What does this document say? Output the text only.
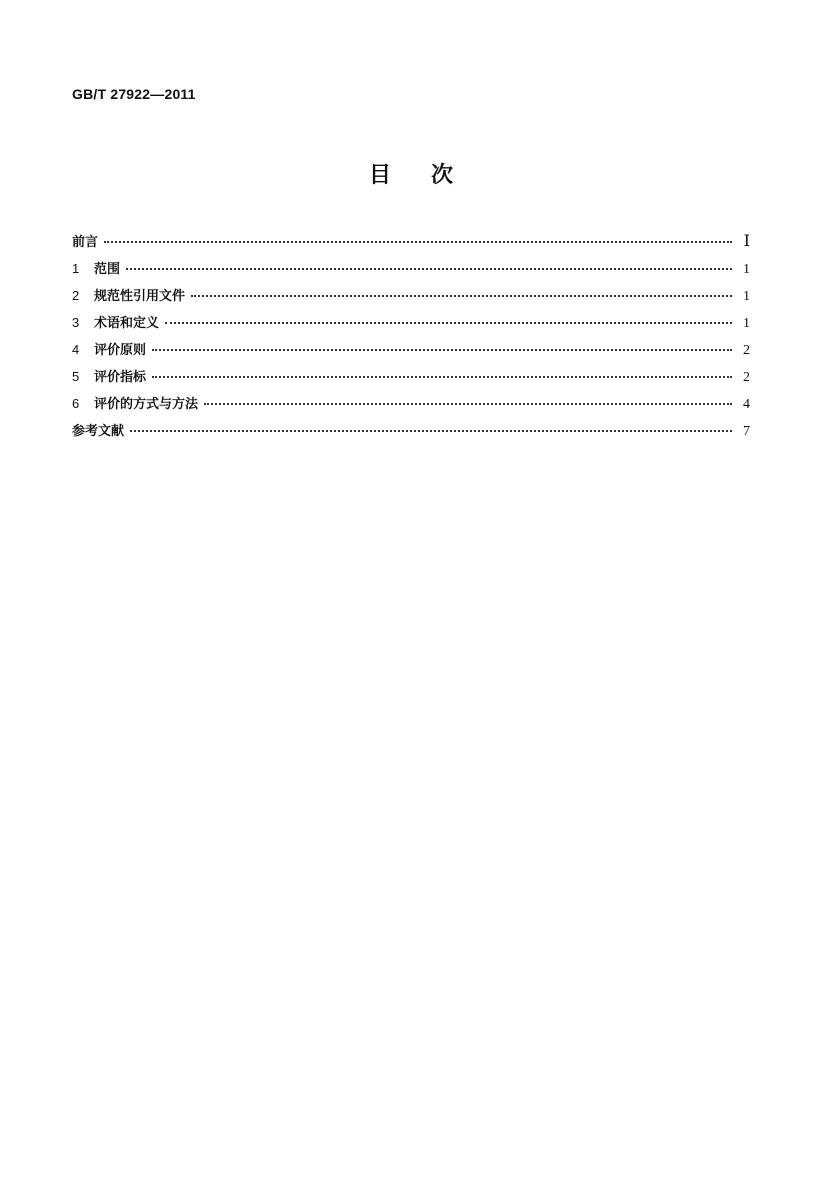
GB/T 27922—2011
目次
前言	Ⅰ
1	范围	1
2	规范性引用文件	1
3	术语和定义	1
4	评价原则	2
5	评价指标	2
6	评价的方式与方法	4
参考文献	7
